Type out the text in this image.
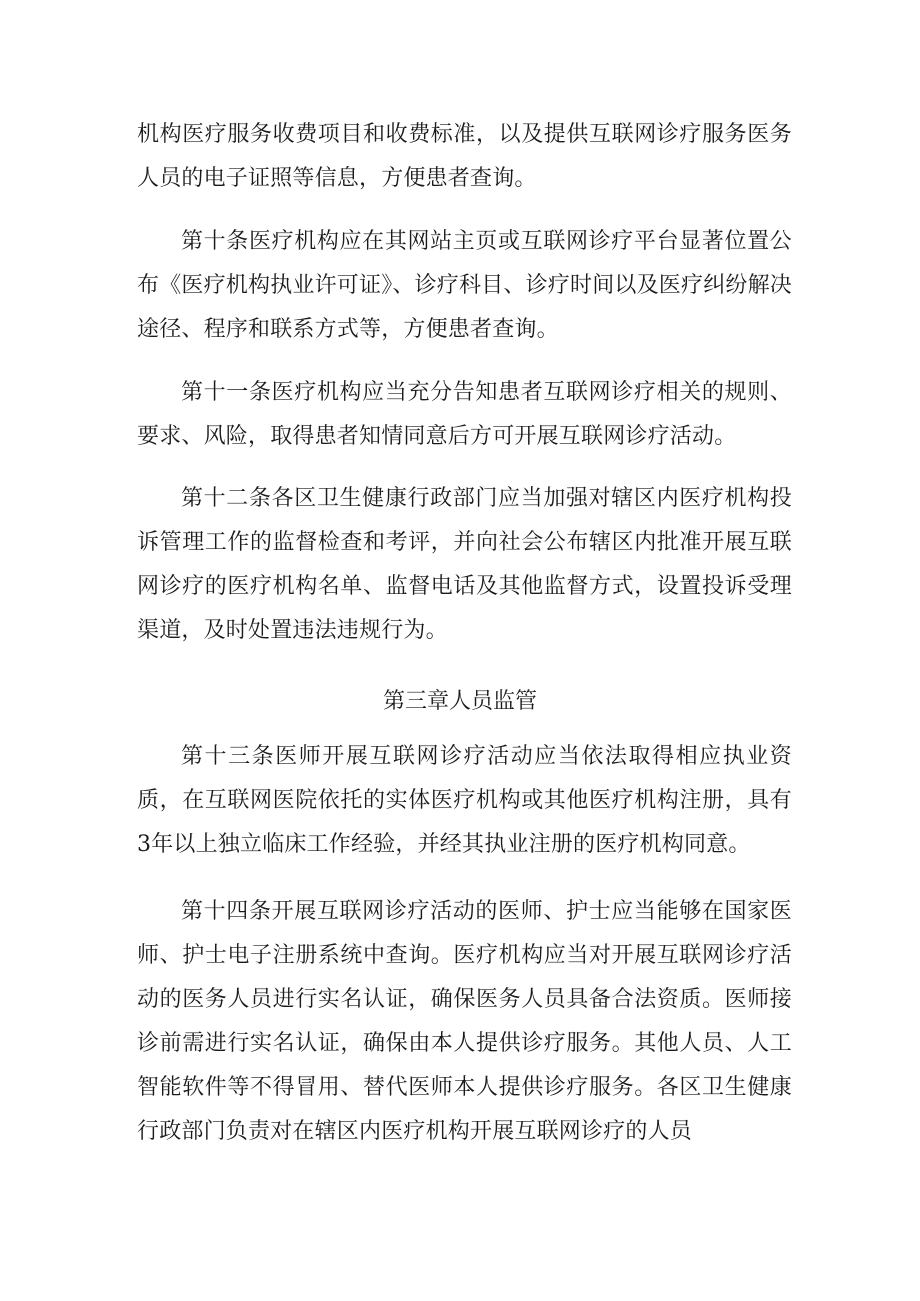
机构医疗服务收费项目和收费标准，以及提供互联网诊疗服务医务人员的电子证照等信息，方便患者查询。

第十条医疗机构应在其网站主页或互联网诊疗平台显著位置公布《医疗机构执业许可证》、诊疗科目、诊疗时间以及医疗纠纷解决途径、程序和联系方式等，方便患者查询。

第十一条医疗机构应当充分告知患者互联网诊疗相关的规则、要求、风险，取得患者知情同意后方可开展互联网诊疗活动。

第十二条各区卫生健康行政部门应当加强对辖区内医疗机构投诉管理工作的监督检查和考评，并向社会公布辖区内批准开展互联网诊疗的医疗机构名单、监督电话及其他监督方式，设置投诉受理渠道，及时处置违法违规行为。

第三章人员监管

第十三条医师开展互联网诊疗活动应当依法取得相应执业资质，在互联网医院依托的实体医疗机构或其他医疗机构注册，具有3年以上独立临床工作经验，并经其执业注册的医疗机构同意。

第十四条开展互联网诊疗活动的医师、护士应当能够在国家医师、护士电子注册系统中查询。医疗机构应当对开展互联网诊疗活动的医务人员进行实名认证，确保医务人员具备合法资质。医师接诊前需进行实名认证，确保由本人提供诊疗服务。其他人员、人工智能软件等不得冒用、替代医师本人提供诊疗服务。各区卫生健康行政部门负责对在辖区内医疗机构开展互联网诊疗的人员
